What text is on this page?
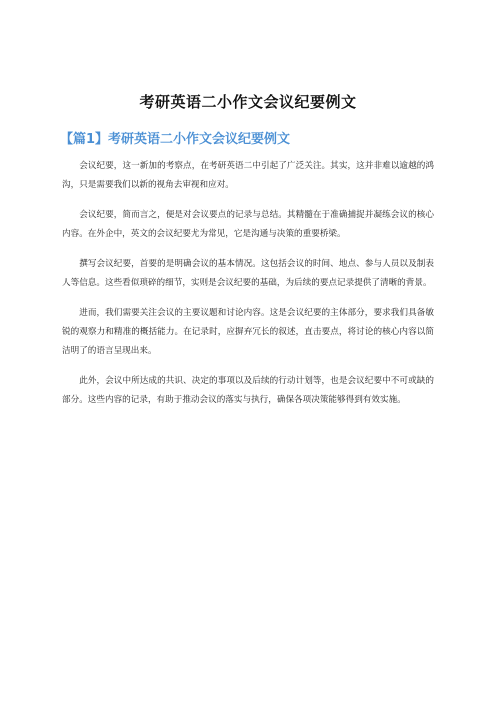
考研英语二小作文会议纪要例文
【篇1】考研英语二小作文会议纪要例文

会议纪要，这一新加的考察点，在考研英语二中引起了广泛关注。其实，这并非难以逾越的鸿沟，只是需要我们以新的视角去审视和应对。

会议纪要，简而言之，便是对会议要点的记录与总结。其精髓在于准确捕捉并凝练会议的核心内容。在外企中，英文的会议纪要尤为常见，它是沟通与决策的重要桥梁。

撰写会议纪要，首要的是明确会议的基本情况。这包括会议的时间、地点、参与人员以及制表人等信息。这些看似琐碎的细节，实则是会议纪要的基础，为后续的要点记录提供了清晰的背景。

进而，我们需要关注会议的主要议题和讨论内容。这是会议纪要的主体部分，要求我们具备敏锐的观察力和精准的概括能力。在记录时，应摒弃冗长的叙述，直击要点，将讨论的核心内容以简洁明了的语言呈现出来。

此外，会议中所达成的共识、决定的事项以及后续的行动计划等，也是会议纪要中不可或缺的部分。这些内容的记录，有助于推动会议的落实与执行，确保各项决策能够得到有效实施。
